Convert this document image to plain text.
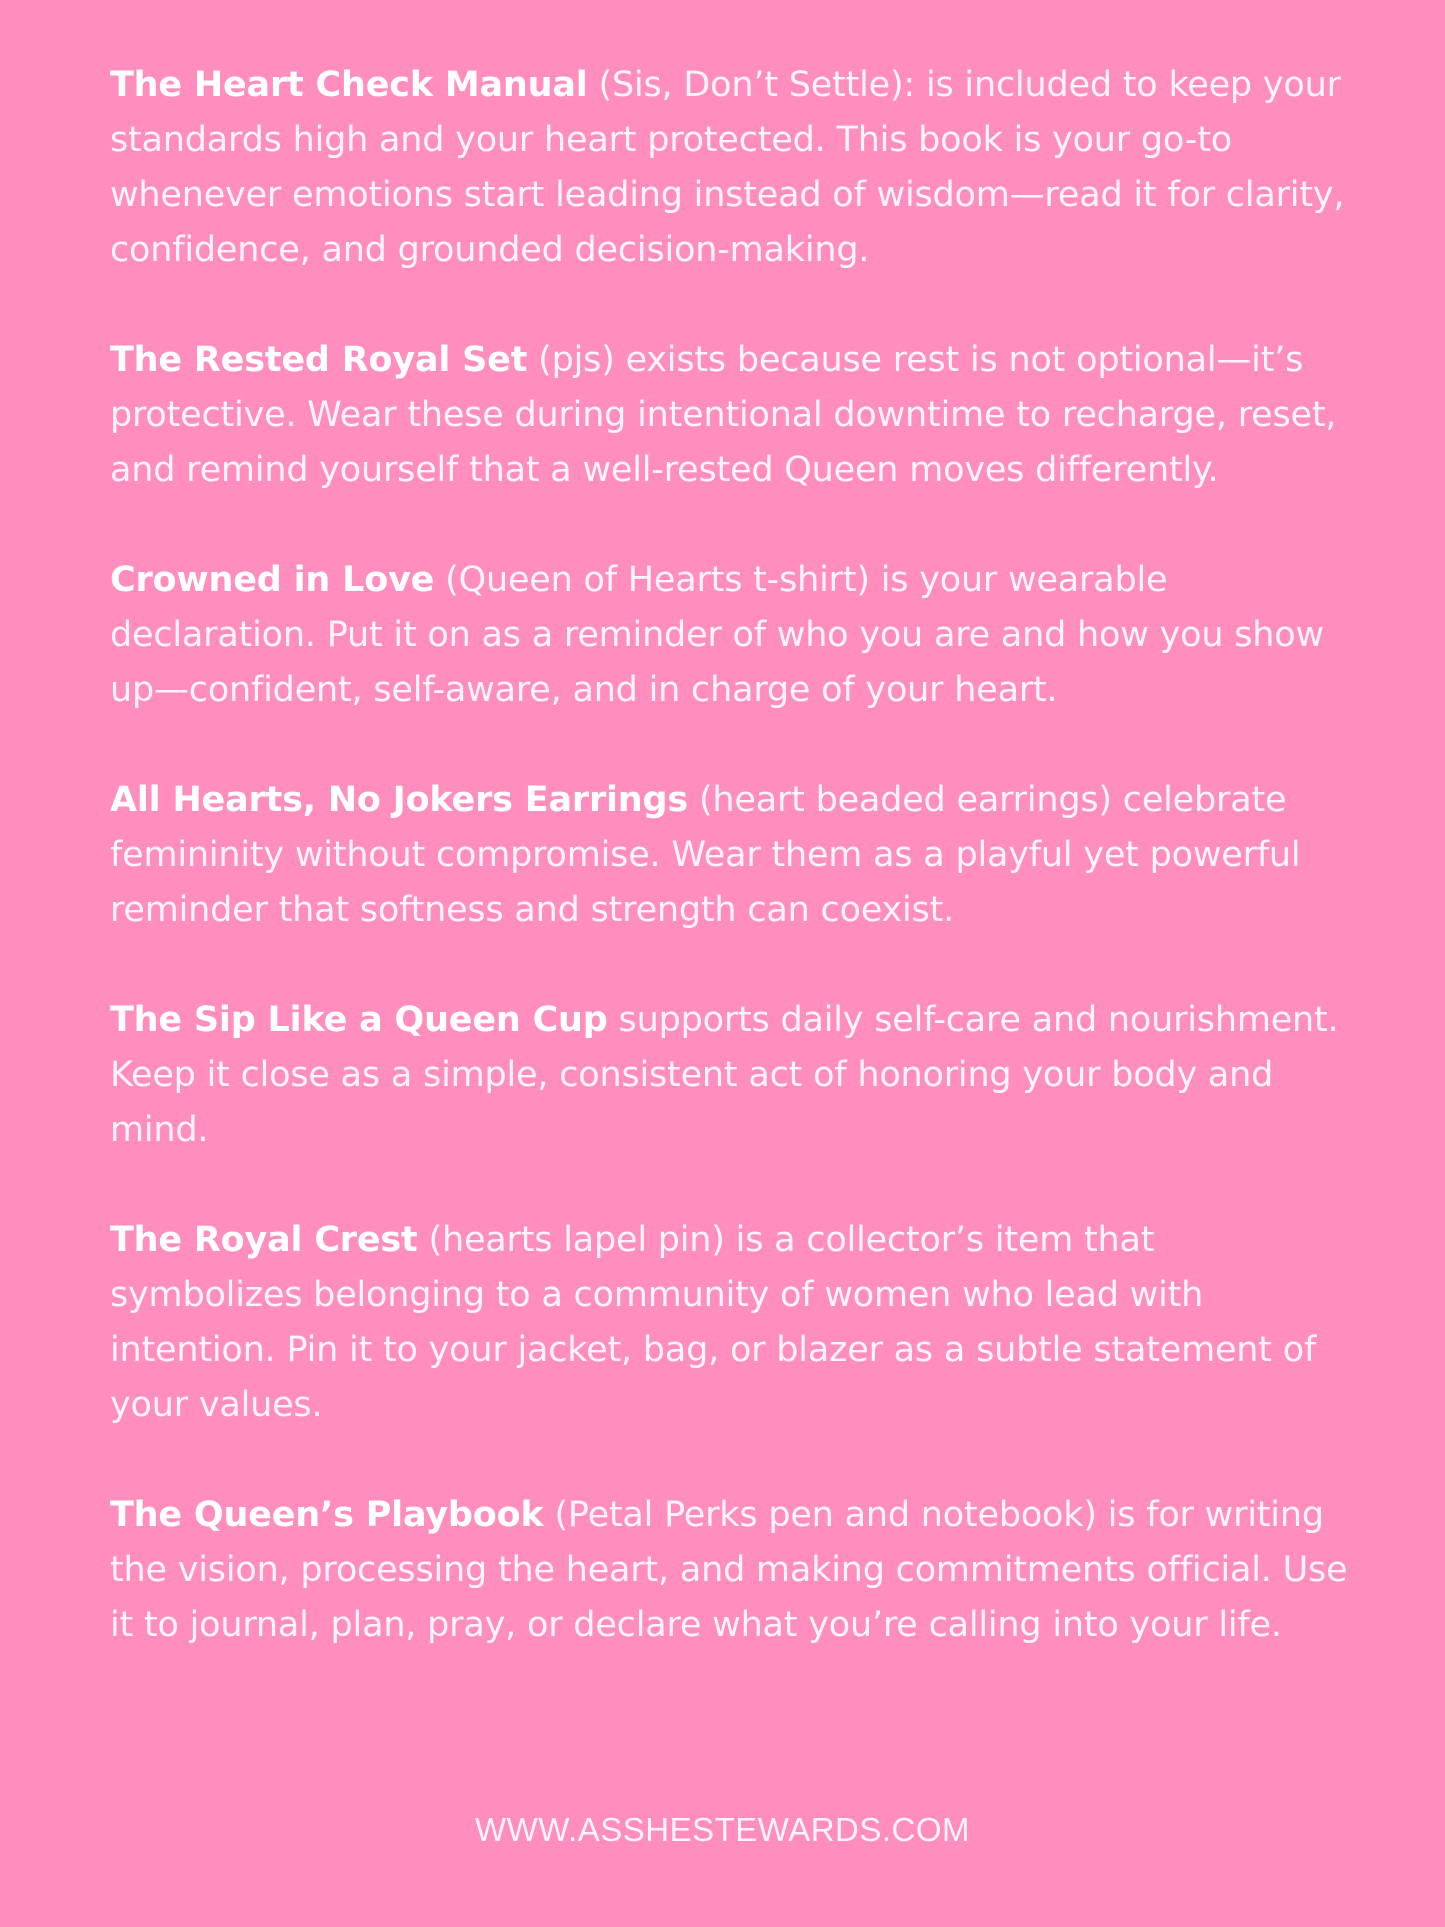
The Heart Check Manual (Sis, Don’t Settle): is included to keep your standards high and your heart protected. This book is your go-to whenever emotions start leading instead of wisdom—read it for clarity, confidence, and grounded decision-making.

The Rested Royal Set (pjs) exists because rest is not optional—it’s protective. Wear these during intentional downtime to recharge, reset, and remind yourself that a well-rested Queen moves differently.

Crowned in Love (Queen of Hearts t-shirt) is your wearable declaration. Put it on as a reminder of who you are and how you show up—confident, self-aware, and in charge of your heart.

All Hearts, No Jokers Earrings (heart beaded earrings) celebrate femininity without compromise. Wear them as a playful yet powerful reminder that softness and strength can coexist.

The Sip Like a Queen Cup supports daily self-care and nourishment. Keep it close as a simple, consistent act of honoring your body and mind.

The Royal Crest (hearts lapel pin) is a collector’s item that symbolizes belonging to a community of women who lead with intention. Pin it to your jacket, bag, or blazer as a subtle statement of your values.

The Queen’s Playbook (Petal Perks pen and notebook) is for writing the vision, processing the heart, and making commitments official. Use it to journal, plan, pray, or declare what you’re calling into your life.

WWW.ASSHESTEWARDS.COM
